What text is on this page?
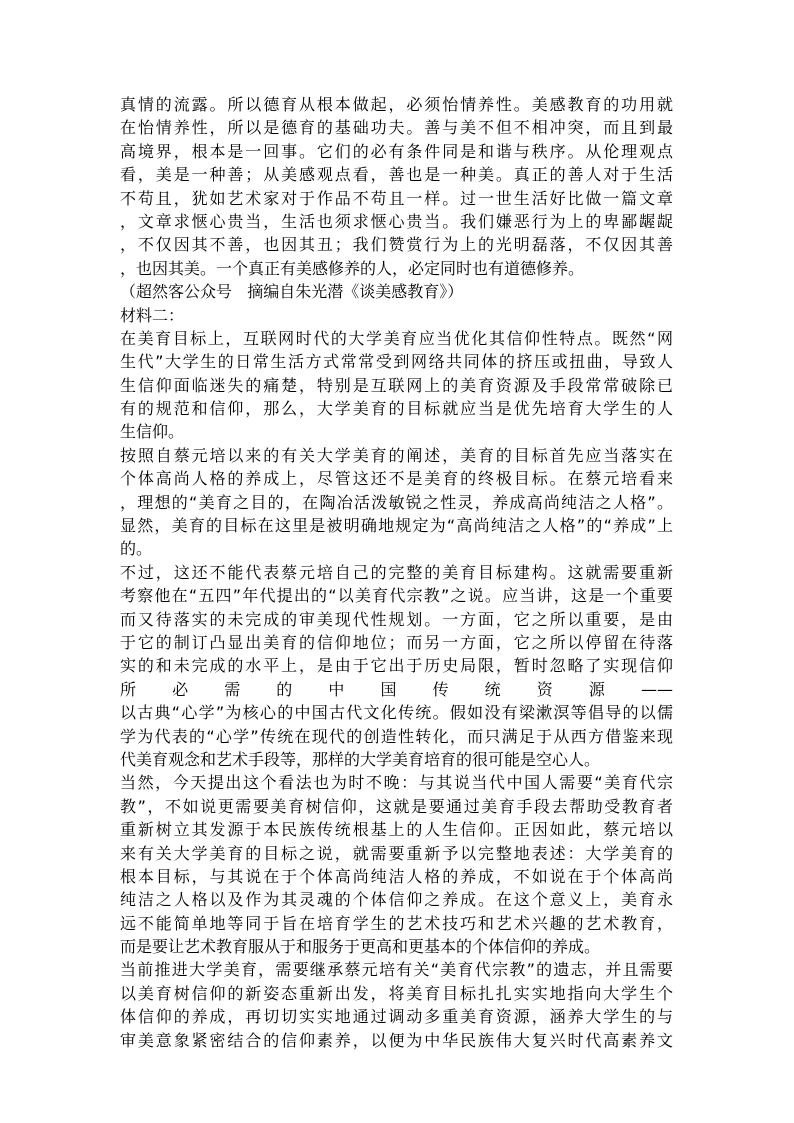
真情的流露。所以德育从根本做起，必须怡情养性。美感教育的功用就
在怡情养性，所以是德育的基础功夫。善与美不但不相冲突，而且到最
高境界，根本是一回事。它们的必有条件同是和谐与秩序。从伦理观点
看，美是一种善；从美感观点看，善也是一种美。真正的善人对于生活
不苟且，犹如艺术家对于作品不苟且一样。过一世生活好比做一篇文章
，文章求惬心贵当，生活也须求惬心贵当。我们嫌恶行为上的卑鄙龌龊
，不仅因其不善，也因其丑；我们赞赏行为上的光明磊落，不仅因其善
，也因其美。一个真正有美感修养的人，必定同时也有道德修养。
（超然客公众号   摘编自朱光潜《谈美感教育》）
材料二：
在美育目标上，互联网时代的大学美育应当优化其信仰性特点。既然“网
生代”大学生的日常生活方式常常受到网络共同体的挤压或扭曲，导致人
生信仰面临迷失的痛楚，特别是互联网上的美育资源及手段常常破除已
有的规范和信仰，那么，大学美育的目标就应当是优先培育大学生的人
生信仰。
按照自蔡元培以来的有关大学美育的阐述，美育的目标首先应当落实在
个体高尚人格的养成上，尽管这还不是美育的终极目标。在蔡元培看来
，理想的“美育之目的，在陶冶活泼敏锐之性灵，养成高尚纯洁之人格”。
显然，美育的目标在这里是被明确地规定为“高尚纯洁之人格”的“养成”上
的。
不过，这还不能代表蔡元培自己的完整的美育目标建构。这就需要重新
考察他在“五四”年代提出的“以美育代宗教”之说。应当讲，这是一个重要
而又待落实的未完成的审美现代性规划。一方面，它之所以重要，是由
于它的制订凸显出美育的信仰地位；而另一方面，它之所以停留在待落
实的和未完成的水平上，是由于它出于历史局限，暂时忽略了实现信仰
所 必 需 的 中 国 传 统 资 源 ——
以古典“心学”为核心的中国古代文化传统。假如没有梁漱溟等倡导的以儒
学为代表的“心学”传统在现代的创造性转化，而只满足于从西方借鉴来现
代美育观念和艺术手段等，那样的大学美育培育的很可能是空心人。
当然，今天提出这个看法也为时不晚：与其说当代中国人需要“美育代宗
教”，不如说更需要美育树信仰，这就是要通过美育手段去帮助受教育者
重新树立其发源于本民族传统根基上的人生信仰。正因如此，蔡元培以
来有关大学美育的目标之说，就需要重新予以完整地表述：大学美育的
根本目标，与其说在于个体高尚纯洁人格的养成，不如说在于个体高尚
纯洁之人格以及作为其灵魂的个体信仰之养成。在这个意义上，美育永
远不能简单地等同于旨在培育学生的艺术技巧和艺术兴趣的艺术教育，
而是要让艺术教育服从于和服务于更高和更基本的个体信仰的养成。
当前推进大学美育，需要继承蔡元培有关“美育代宗教”的遗志，并且需要
以美育树信仰的新姿态重新出发，将美育目标扎扎实实地指向大学生个
体信仰的养成，再切切实实地通过调动多重美育资源，涵养大学生的与
审美意象紧密结合的信仰素养，以便为中华民族伟大复兴时代高素养文
